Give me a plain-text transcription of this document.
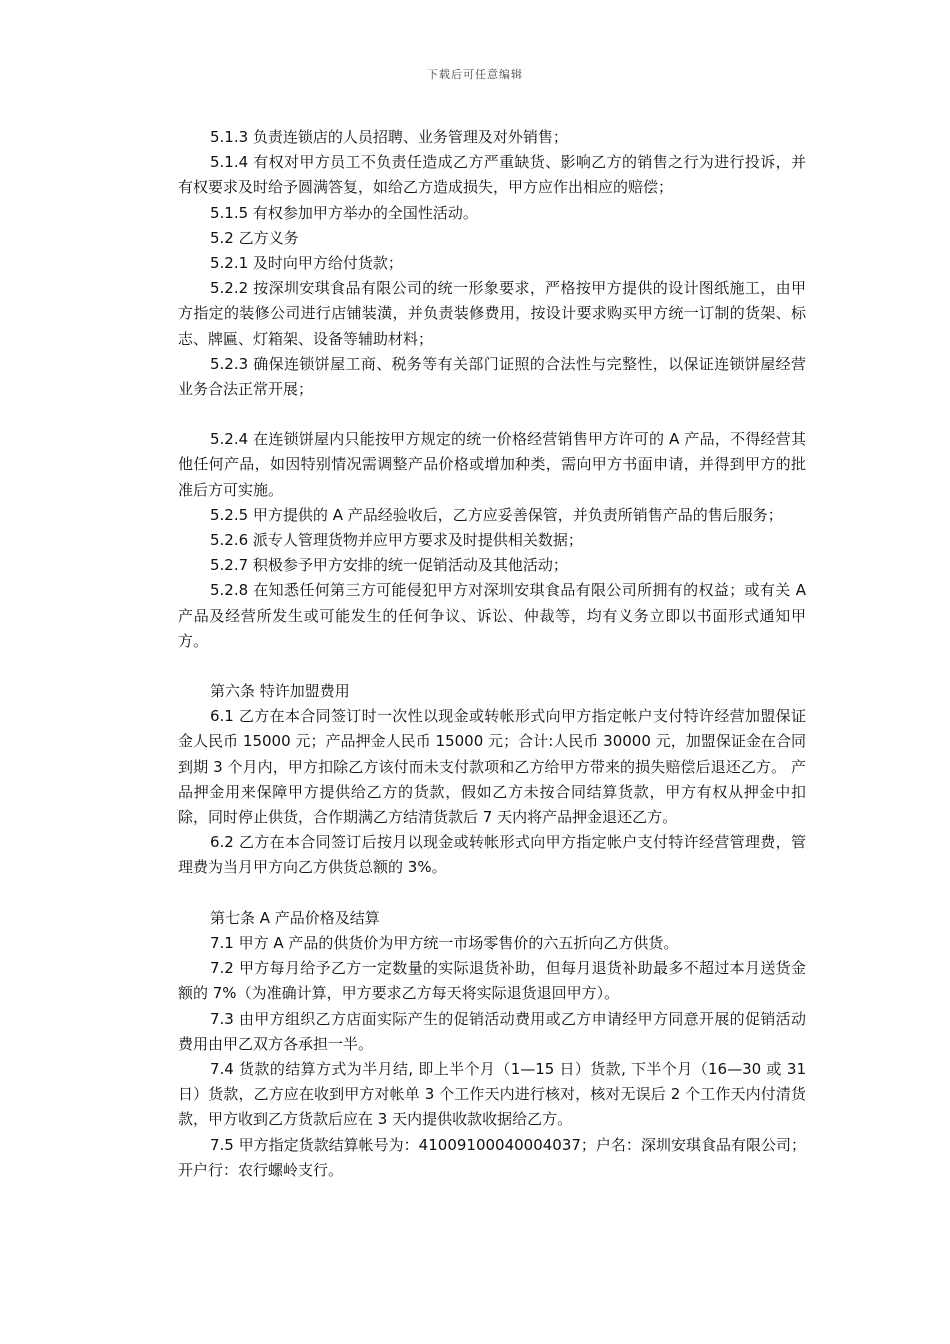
下载后可任意编辑

5.1.3 负责连锁店的人员招聘、业务管理及对外销售；

5.1.4 有权对甲方员工不负责任造成乙方严重缺货、影响乙方的销售之行为进行投诉，并有权要求及时给予圆满答复，如给乙方造成损失，甲方应作出相应的赔偿；

5.1.5 有权参加甲方举办的全国性活动。

5.2 乙方义务

5.2.1 及时向甲方给付货款；

5.2.2 按深圳安琪食品有限公司的统一形象要求，严格按甲方提供的设计图纸施工，由甲方指定的装修公司进行店铺装潢，并负责装修费用，按设计要求购买甲方统一订制的货架、标志、牌匾、灯箱架、设备等辅助材料；

5.2.3 确保连锁饼屋工商、税务等有关部门证照的合法性与完整性，以保证连锁饼屋经营业务合法正常开展；

5.2.4 在连锁饼屋内只能按甲方规定的统一价格经营销售甲方许可的 A 产品，不得经营其他任何产品，如因特别情况需调整产品价格或增加种类，需向甲方书面申请，并得到甲方的批准后方可实施。

5.2.5 甲方提供的 A 产品经验收后，乙方应妥善保管，并负责所销售产品的售后服务；

5.2.6 派专人管理货物并应甲方要求及时提供相关数据；

5.2.7 积极参予甲方安排的统一促销活动及其他活动；

5.2.8 在知悉任何第三方可能侵犯甲方对深圳安琪食品有限公司所拥有的权益；或有关 A 产品及经营所发生或可能发生的任何争议、诉讼、仲裁等，均有义务立即以书面形式通知甲方。

第六条 特许加盟费用

6.1 乙方在本合同签订时一次性以现金或转帐形式向甲方指定帐户支付特许经营加盟保证金人民币 15000 元；产品押金人民币 15000 元；合计:人民币 30000 元，加盟保证金在合同到期 3 个月内，甲方扣除乙方该付而未支付款项和乙方给甲方带来的损失赔偿后退还乙方。 产品押金用来保障甲方提供给乙方的货款，假如乙方未按合同结算货款，甲方有权从押金中扣除，同时停止供货，合作期满乙方结清货款后 7 天内将产品押金退还乙方。

6.2 乙方在本合同签订后按月以现金或转帐形式向甲方指定帐户支付特许经营管理费，管理费为当月甲方向乙方供货总额的 3%。

第七条 A 产品价格及结算

7.1 甲方 A 产品的供货价为甲方统一市场零售价的六五折向乙方供货。

7.2 甲方每月给予乙方一定数量的实际退货补助，但每月退货补助最多不超过本月送货金额的 7%（为准确计算，甲方要求乙方每天将实际退货退回甲方）。

7.3 由甲方组织乙方店面实际产生的促销活动费用或乙方申请经甲方同意开展的促销活动费用由甲乙双方各承担一半。

7.4 货款的结算方式为半月结, 即上半个月（1—15 日）货款, 下半个月（16—30 或 31 日）货款，乙方应在收到甲方对帐单 3 个工作天内进行核对，核对无误后 2 个工作天内付清货款，甲方收到乙方货款后应在 3 天内提供收款收据给乙方。

7.5 甲方指定货款结算帐号为：41009100040004037；户名：深圳安琪食品有限公司；开户行：农行螺岭支行。
